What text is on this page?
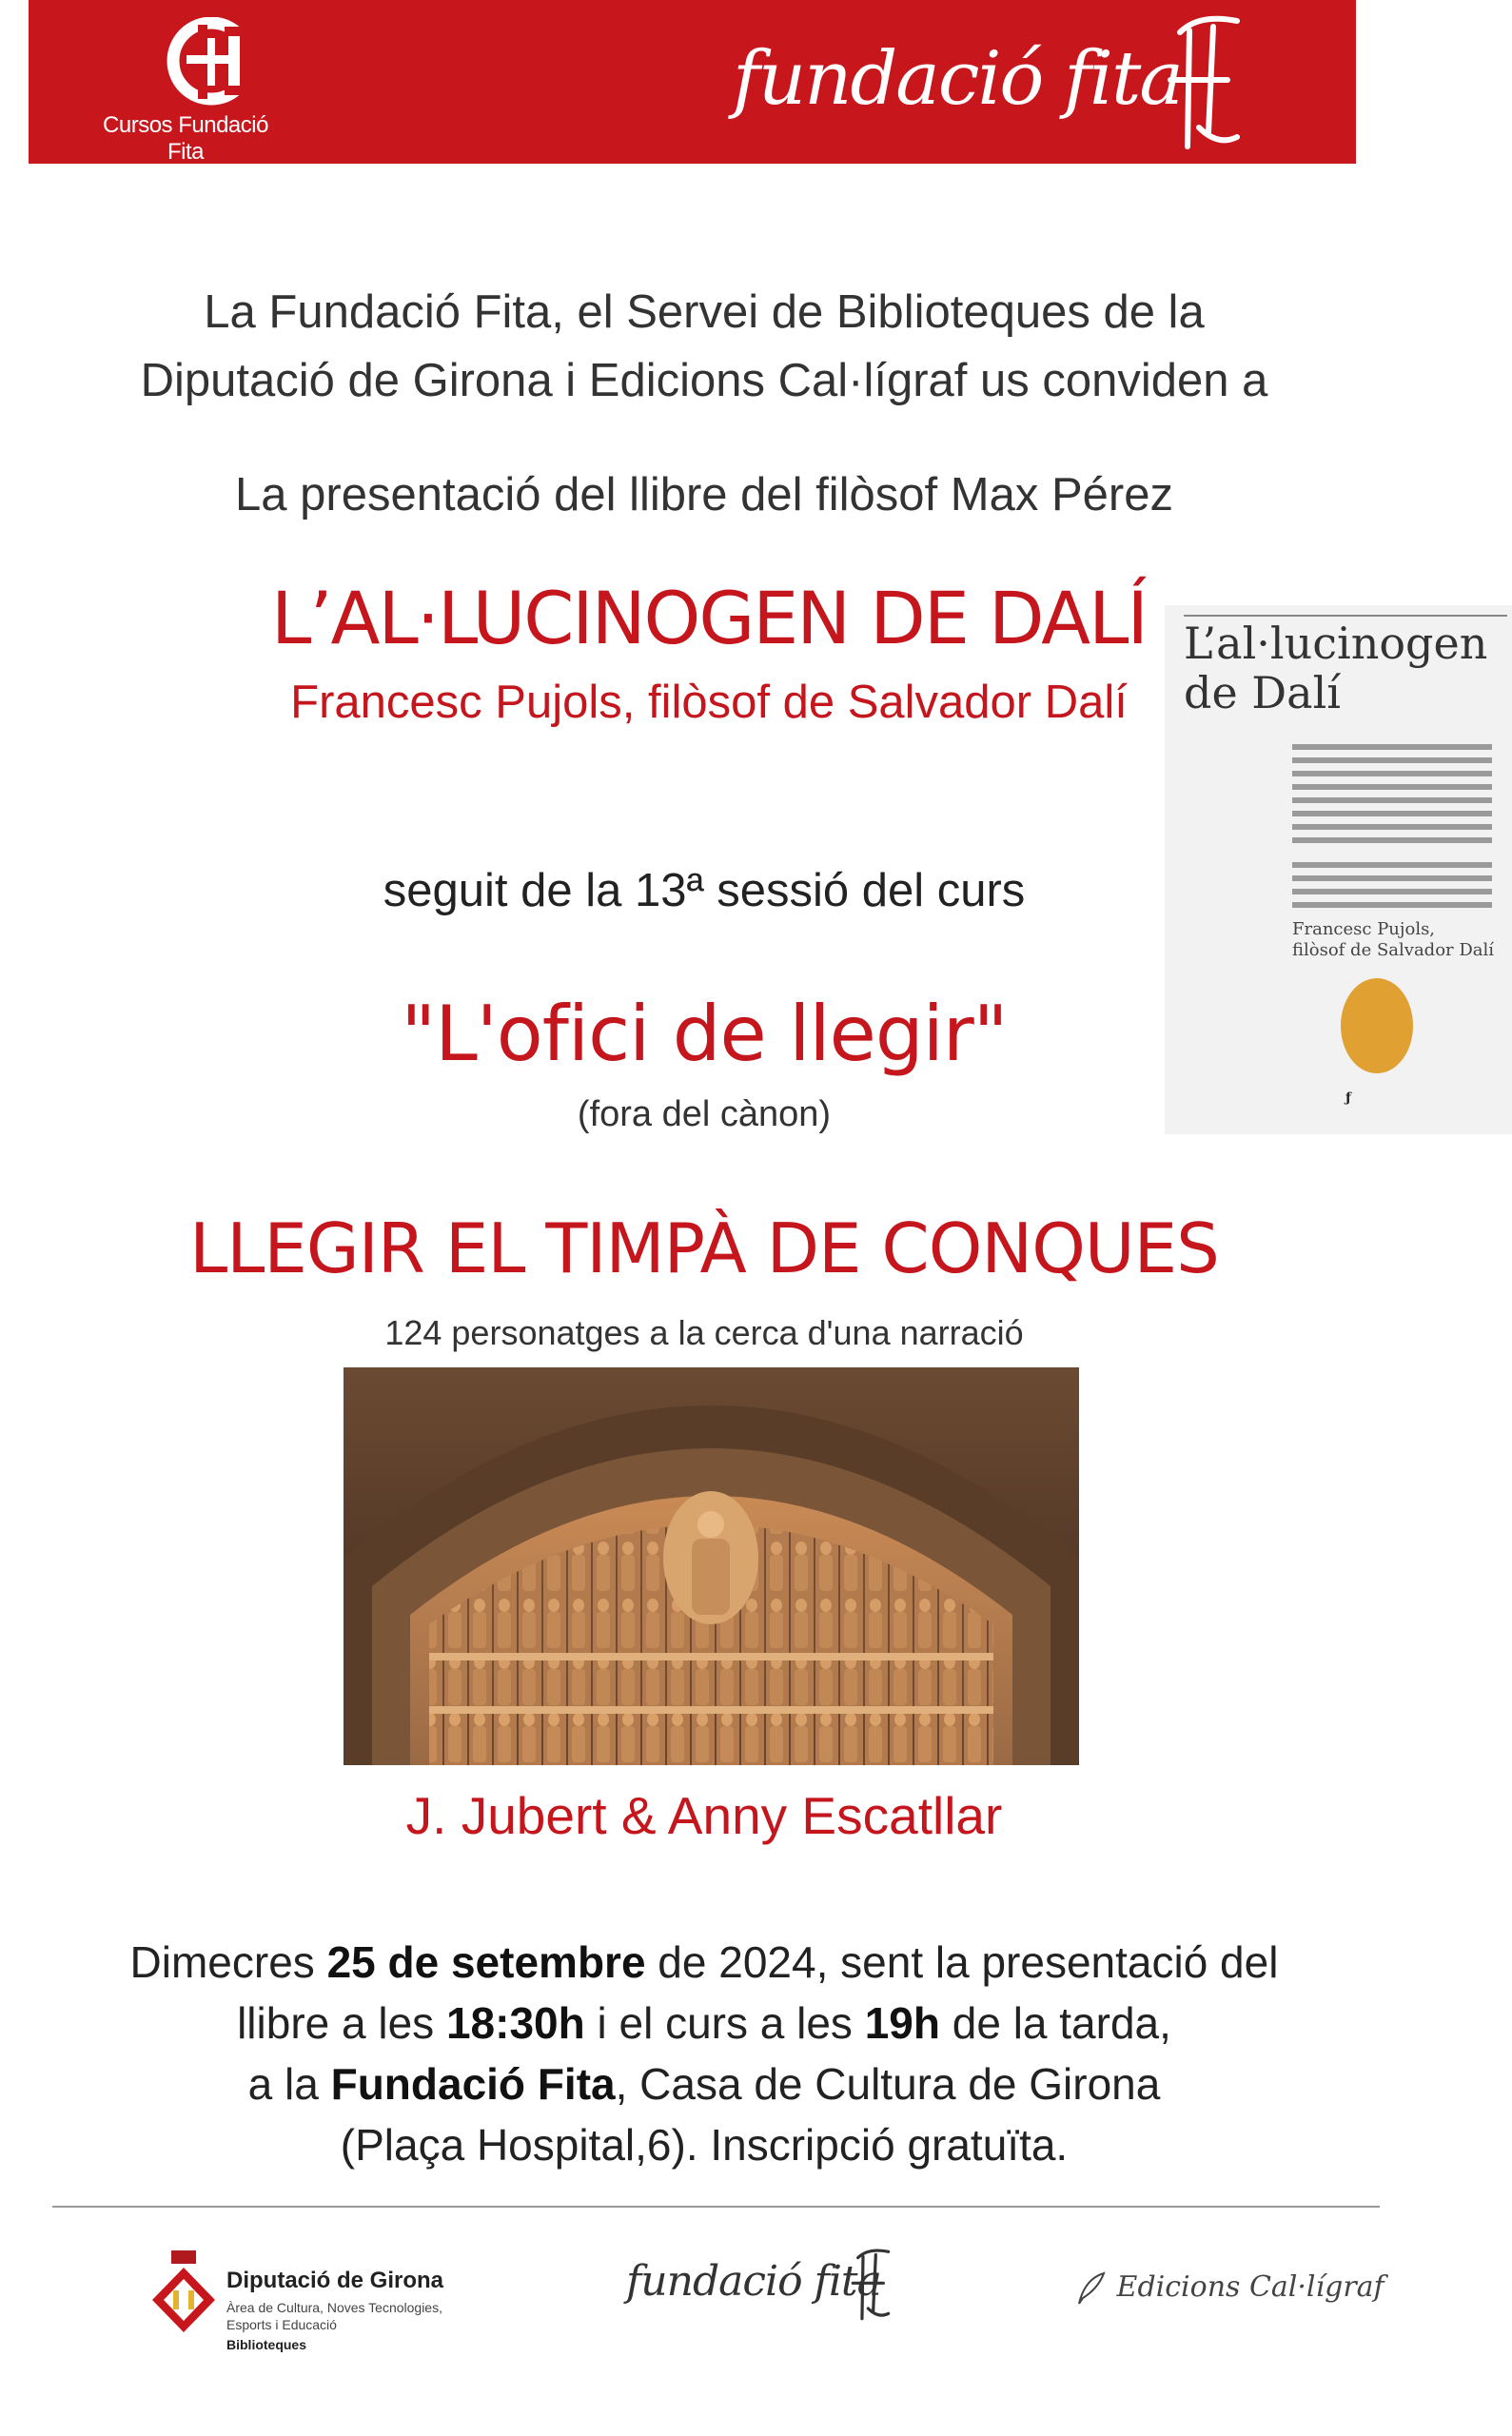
Cursos Fundació Fita
fundació fita
La Fundació Fita, el Servei de Biblioteques de la
Diputació de Girona i Edicions Cal·lígraf us conviden a
La presentació del llibre del filòsof Max Pérez
L’AL·LUCINOGEN DE DALÍ
Francesc Pujols, filòsof de Salvador Dalí
L’al·lucinogen
de Dalí
Francesc Pujols,
filòsof de Salvador Dalí
ƒ
seguit de la 13ª sessió del curs
"L'ofici de llegir"
(fora del cànon)
LLEGIR EL TIMPÀ DE CONQUES
124 personatges a la cerca d'una narració
J. Jubert & Anny Escatllar
Dimecres 25 de setembre de 2024, sent la presentació del
llibre a les 18:30h i el curs a les 19h de la tarda,
a la Fundació Fita, Casa de Cultura de Girona
(Plaça Hospital,6). Inscripció gratuïta.
Diputació de Girona
Àrea de Cultura, Noves Tecnologies,
Esports i Educació
Biblioteques
fundació fita	Edicions Cal·lígraf
